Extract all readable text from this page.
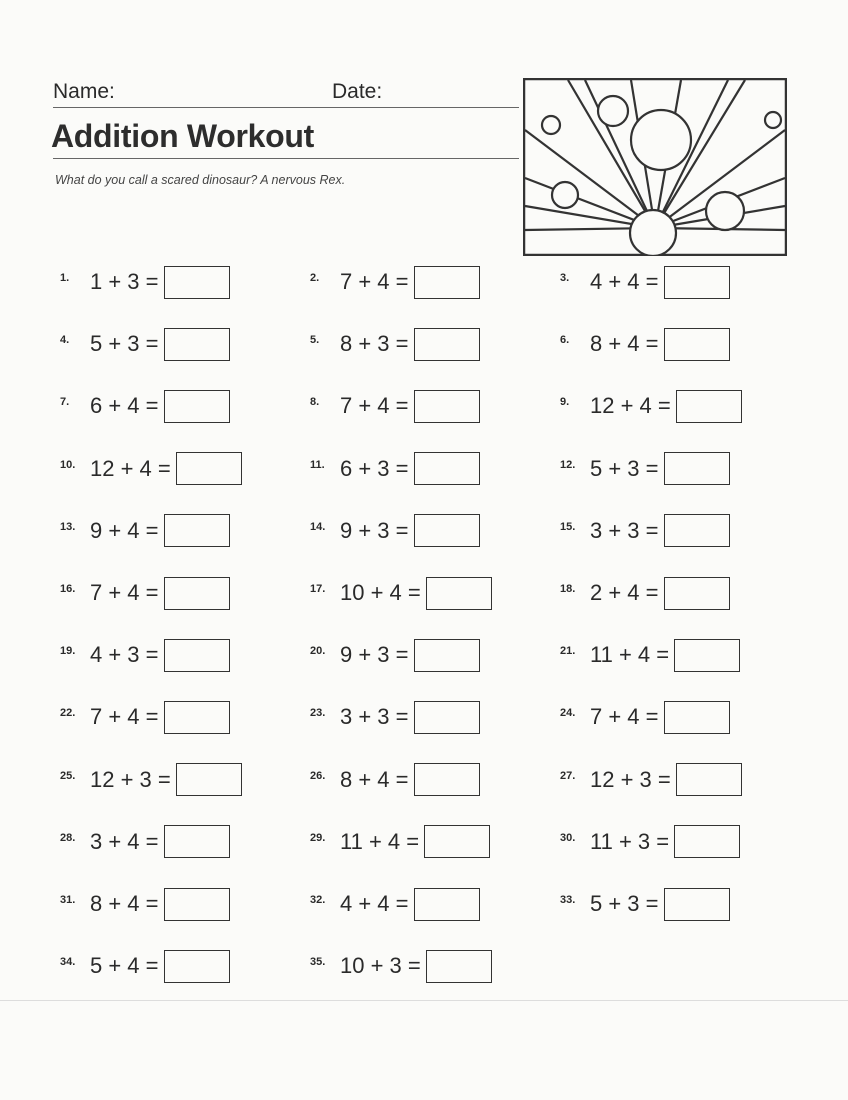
Name:	Date:
Addition Workout
What do you call a scared dinosaur? A nervous Rex.
1. 1 + 3 =	2. 7 + 4 =	3. 4 + 4 =
4. 5 + 3 =	5. 8 + 3 =	6. 8 + 4 =
7. 6 + 4 =	8. 7 + 4 =	9. 12 + 4 =
10. 12 + 4 =	11. 6 + 3 =	12. 5 + 3 =
13. 9 + 4 =	14. 9 + 3 =	15. 3 + 3 =
16. 7 + 4 =	17. 10 + 4 =	18. 2 + 4 =
19. 4 + 3 =	20. 9 + 3 =	21. 11 + 4 =
22. 7 + 4 =	23. 3 + 3 =	24. 7 + 4 =
25. 12 + 3 =	26. 8 + 4 =	27. 12 + 3 =
28. 3 + 4 =	29. 11 + 4 =	30. 11 + 3 =
31. 8 + 4 =	32. 4 + 4 =	33. 5 + 3 =
34. 5 + 4 =	35. 10 + 3 =
